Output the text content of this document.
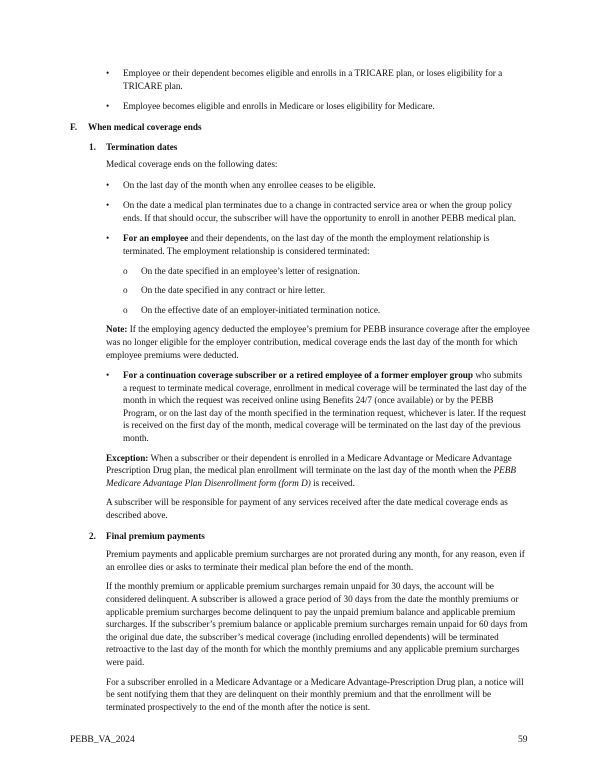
•	Employee or their dependent becomes eligible and enrolls in a TRICARE plan, or loses eligibility for a TRICARE plan.

•	Employee becomes eligible and enrolls in Medicare or loses eligibility for Medicare.

F. When medical coverage ends
1. Termination dates

Medical coverage ends on the following dates:

•	On the last day of the month when any enrollee ceases to be eligible.

•	On the date a medical plan terminates due to a change in contracted service area or when the group policy ends. If that should occur, the subscriber will have the opportunity to enroll in another PEBB medical plan.

•	For an employee and their dependents, on the last day of the month the employment relationship is terminated. The employment relationship is considered terminated:

o On the date specified in an employee’s letter of resignation.

o On the date specified in any contract or hire letter.

o On the effective date of an employer-initiated termination notice.

Note: If the employing agency deducted the employee’s premium for PEBB insurance coverage after the employee was no longer eligible for the employer contribution, medical coverage ends the last day of the month for which employee premiums were deducted.

•	For a continuation coverage subscriber or a retired employee of a former employer group who submits a request to terminate medical coverage, enrollment in medical coverage will be terminated the last day of the month in which the request was received online using Benefits 24/7 (once available) or by the PEBB Program, or on the last day of the month specified in the termination request, whichever is later. If the request is received on the first day of the month, medical coverage will be terminated on the last day of the previous month.

Exception: When a subscriber or their dependent is enrolled in a Medicare Advantage or Medicare Advantage Prescription Drug plan, the medical plan enrollment will terminate on the last day of the month when the PEBB Medicare Advantage Plan Disenrollment form (form D) is received.

A subscriber will be responsible for payment of any services received after the date medical coverage ends as described above.

2. Final premium payments

Premium payments and applicable premium surcharges are not prorated during any month, for any reason, even if an enrollee dies or asks to terminate their medical plan before the end of the month.

If the monthly premium or applicable premium surcharges remain unpaid for 30 days, the account will be considered delinquent. A subscriber is allowed a grace period of 30 days from the date the monthly premiums or applicable premium surcharges become delinquent to pay the unpaid premium balance and applicable premium surcharges. If the subscriber’s premium balance or applicable premium surcharges remain unpaid for 60 days from the original due date, the subscriber’s medical coverage (including enrolled dependents) will be terminated retroactive to the last day of the month for which the monthly premiums and any applicable premium surcharges were paid.

For a subscriber enrolled in a Medicare Advantage or a Medicare Advantage-Prescription Drug plan, a notice will be sent notifying them that they are delinquent on their monthly premium and that the enrollment will be terminated prospectively to the end of the month after the notice is sent.

PEBB_VA_2024	59
